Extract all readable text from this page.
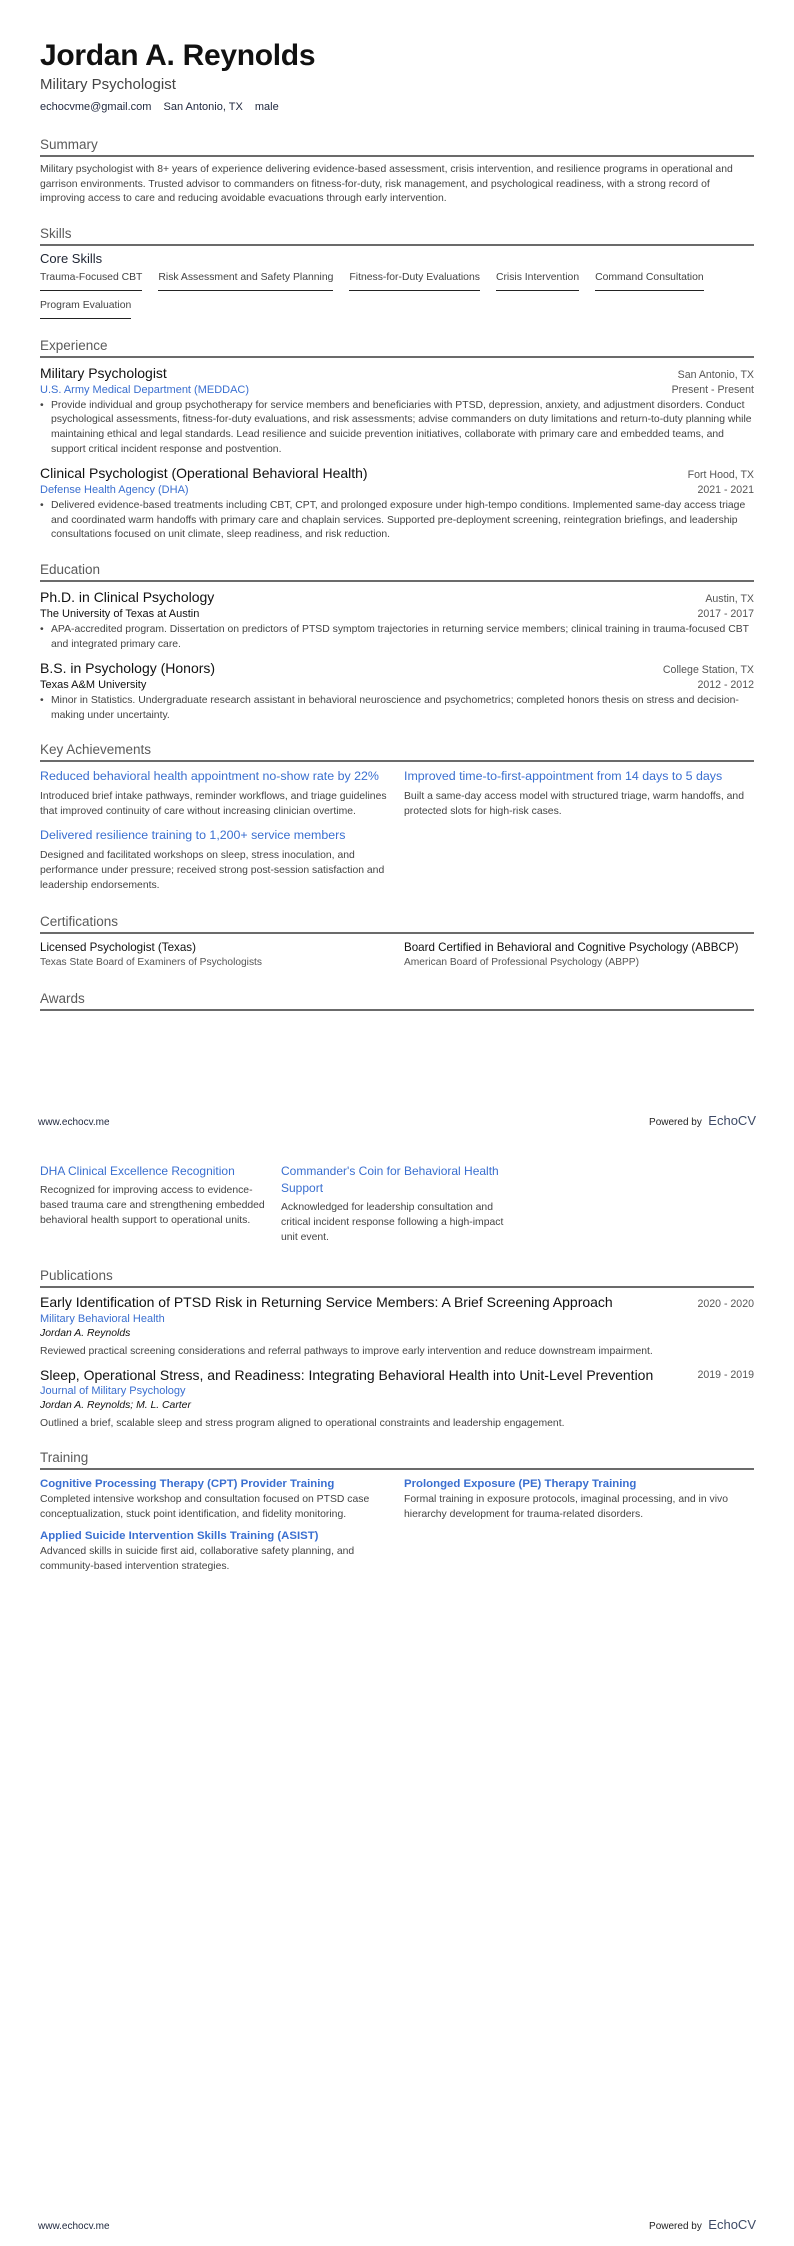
Jordan A. Reynolds
Military Psychologist
echocvme@gmail.com San Antonio, TX male
Summary
Military psychologist with 8+ years of experience delivering evidence-based assessment, crisis intervention, and resilience programs in operational and garrison environments. Trusted advisor to commanders on fitness-for-duty, risk management, and psychological readiness, with a strong record of improving access to care and reducing avoidable evacuations through early intervention.
Skills
Core Skills
Trauma-Focused CBT Risk Assessment and Safety Planning Fitness-for-Duty Evaluations Crisis Intervention Command Consultation
Program Evaluation
Experience
Military Psychologist	San Antonio, TX
U.S. Army Medical Department (MEDDAC)	Present - Present
• Provide individual and group psychotherapy for service members and beneficiaries with PTSD, depression, anxiety, and adjustment disorders. Conduct psychological assessments, fitness-for-duty evaluations, and risk assessments; advise commanders on duty limitations and return-to-duty planning while maintaining ethical and legal standards. Lead resilience and suicide prevention initiatives, collaborate with primary care and embedded teams, and support critical incident response and postvention.
Clinical Psychologist (Operational Behavioral Health)	Fort Hood, TX
Defense Health Agency (DHA)	2021 - 2021
• Delivered evidence-based treatments including CBT, CPT, and prolonged exposure under high-tempo conditions. Implemented same-day access triage and coordinated warm handoffs with primary care and chaplain services. Supported pre-deployment screening, reintegration briefings, and leadership consultations focused on unit climate, sleep readiness, and risk reduction.
Education
Ph.D. in Clinical Psychology	Austin, TX
The University of Texas at Austin	2017 - 2017
• APA-accredited program. Dissertation on predictors of PTSD symptom trajectories in returning service members; clinical training in trauma-focused CBT and integrated primary care.
B.S. in Psychology (Honors)	College Station, TX
Texas A&M University	2012 - 2012
• Minor in Statistics. Undergraduate research assistant in behavioral neuroscience and psychometrics; completed honors thesis on stress and decision-making under uncertainty.
Key Achievements
Reduced behavioral health appointment no-show rate by 22%
Introduced brief intake pathways, reminder workflows, and triage guidelines that improved continuity of care without increasing clinician overtime.
Improved time-to-first-appointment from 14 days to 5 days
Built a same-day access model with structured triage, warm handoffs, and protected slots for high-risk cases.
Delivered resilience training to 1,200+ service members
Designed and facilitated workshops on sleep, stress inoculation, and performance under pressure; received strong post-session satisfaction and leadership endorsements.
Certifications
Licensed Psychologist (Texas)
Texas State Board of Examiners of Psychologists
Board Certified in Behavioral and Cognitive Psychology (ABBCP)
American Board of Professional Psychology (ABPP)
Awards
www.echocv.me	Powered by EchoCV
DHA Clinical Excellence Recognition
Recognized for improving access to evidence-based trauma care and strengthening embedded behavioral health support to operational units.
Commander's Coin for Behavioral Health Support
Acknowledged for leadership consultation and critical incident response following a high-impact unit event.
Publications
Early Identification of PTSD Risk in Returning Service Members: A Brief Screening Approach	2020 - 2020
Military Behavioral Health
Jordan A. Reynolds
Reviewed practical screening considerations and referral pathways to improve early intervention and reduce downstream impairment.
Sleep, Operational Stress, and Readiness: Integrating Behavioral Health into Unit-Level Prevention	2019 - 2019
Journal of Military Psychology
Jordan A. Reynolds; M. L. Carter
Outlined a brief, scalable sleep and stress program aligned to operational constraints and leadership engagement.
Training
Cognitive Processing Therapy (CPT) Provider Training
Completed intensive workshop and consultation focused on PTSD case conceptualization, stuck point identification, and fidelity monitoring.
Prolonged Exposure (PE) Therapy Training
Formal training in exposure protocols, imaginal processing, and in vivo hierarchy development for trauma-related disorders.
Applied Suicide Intervention Skills Training (ASIST)
Advanced skills in suicide first aid, collaborative safety planning, and community-based intervention strategies.
www.echocv.me	Powered by EchoCV
